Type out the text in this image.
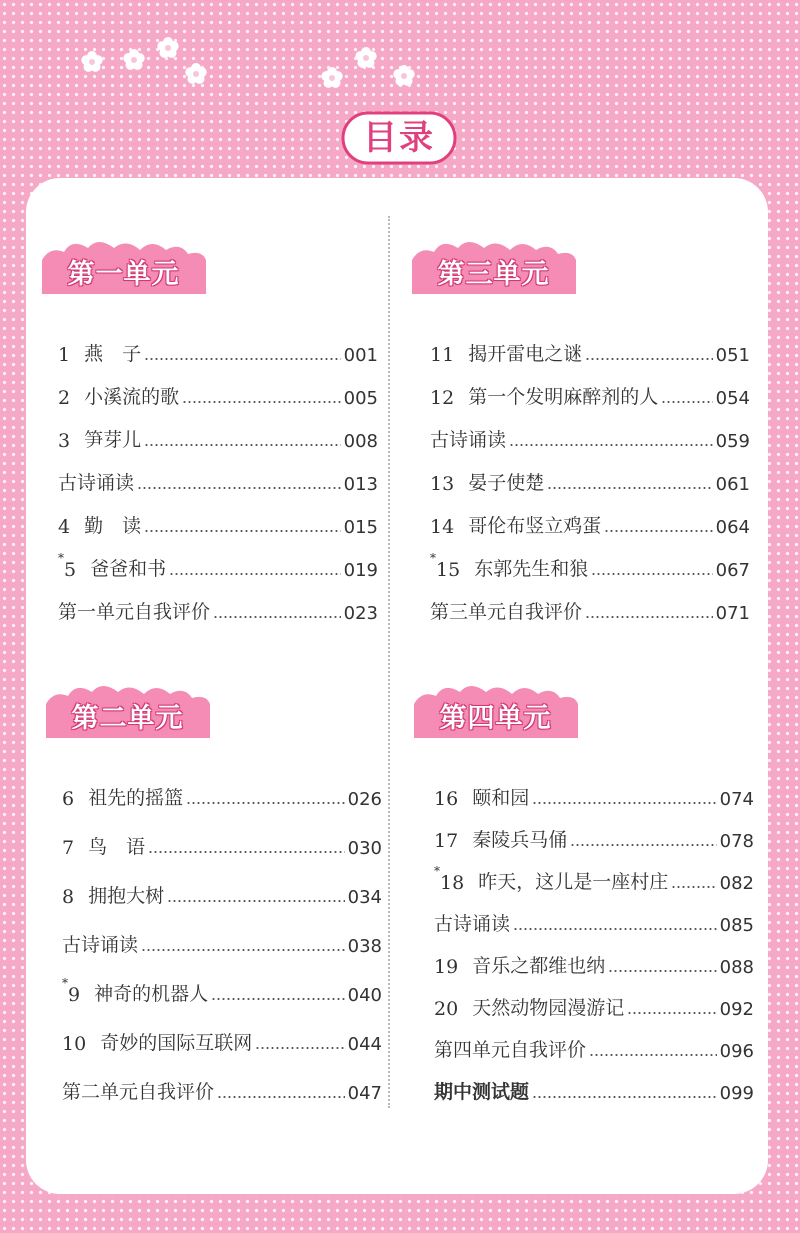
目录
第一单元
1 燕　子	001
2 小溪流的歌	005
3 笋芽儿	008
古诗诵读	013
4 勤　读	015
*5 爸爸和书	019
第一单元自我评价	023
第二单元
6 祖先的摇篮	026
7 鸟　语	030
8 拥抱大树	034
古诗诵读	038
*9 神奇的机器人	040
10 奇妙的国际互联网	044
第二单元自我评价	047
第三单元
11 揭开雷电之谜	051
12 第一个发明麻醉剂的人	054
古诗诵读	059
13 晏子使楚	061
14 哥伦布竖立鸡蛋	064
*15 东郭先生和狼	067
第三单元自我评价	071
第四单元
16 颐和园	074
17 秦陵兵马俑	078
*18 昨天，这儿是一座村庄	082
古诗诵读	085
19 音乐之都维也纳	088
20 天然动物园漫游记	092
第四单元自我评价	096
期中测试题	099
